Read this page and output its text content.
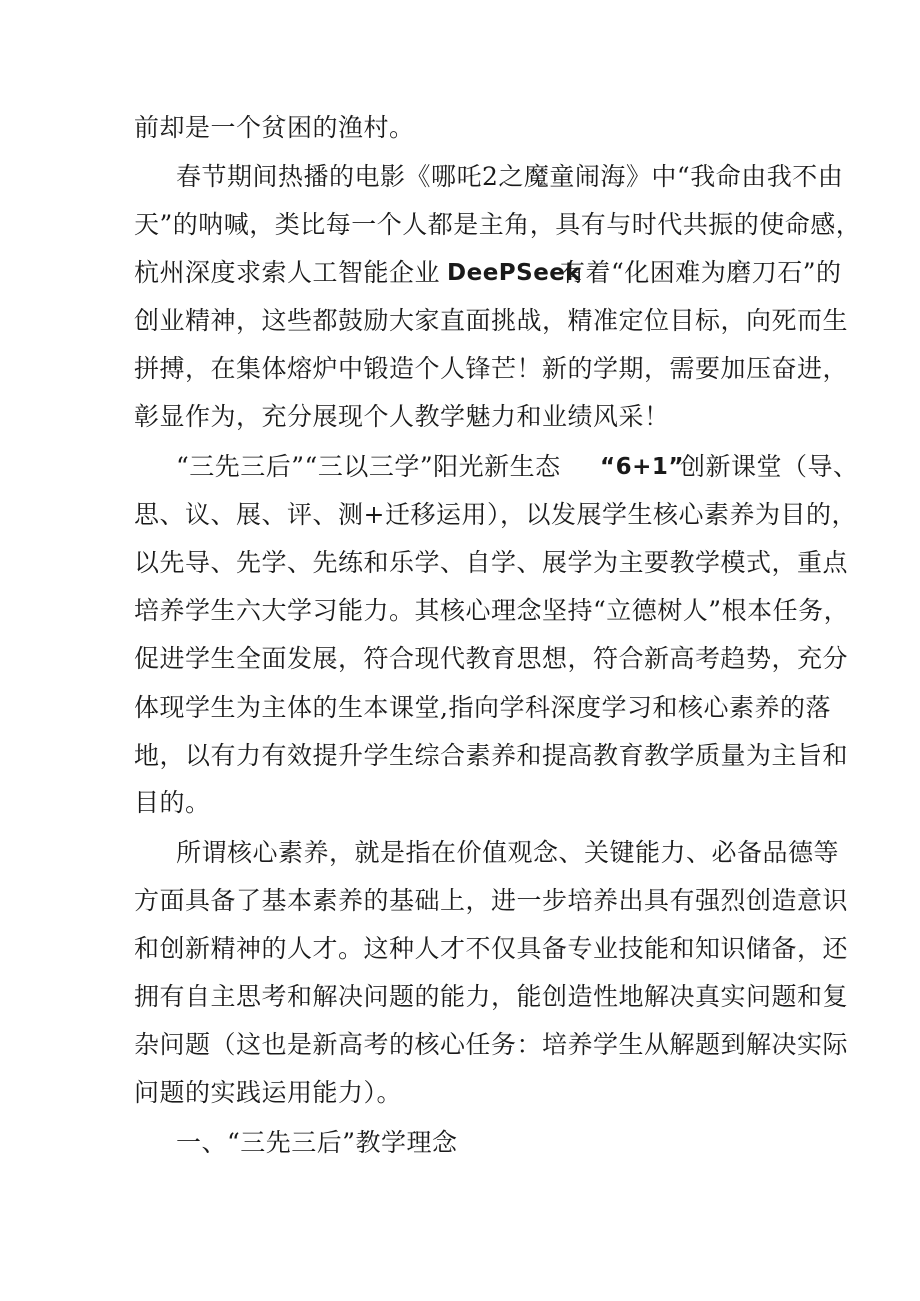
前却是一个贫困的渔村。
春节期间热播的电影《哪吒2之魔童闹海》中“我命由我不由
天”的呐喊，类比每一个人都是主角，具有与时代共振的使命感，
杭州深度求索人工智能企业 DeePSeek
有着“化困难为磨刀石”的
创业精神，这些都鼓励大家直面挑战，精准定位目标，向死而生
拼搏，在集体熔炉中锻造个人锋芒！新的学期，需要加压奋进，
彰显作为，充分展现个人教学魅力和业绩风采！
“三先三后”“三以三学”阳光新生态 “6+1”
创新课堂（导、
思、议、展、评、测+迁移运用），以发展学生核心素养为目的，
以先导、先学、先练和乐学、自学、展学为主要教学模式，重点
培养学生六大学习能力。其核心理念坚持“立德树人”根本任务，
促进学生全面发展，符合现代教育思想，符合新高考趋势，充分
体现学生为主体的生本课堂,指向学科深度学习和核心素养的落
地，以有力有效提升学生综合素养和提高教育教学质量为主旨和
目的。
所谓核心素养，就是指在价值观念、关键能力、必备品德等
方面具备了基本素养的基础上，进一步培养出具有强烈创造意识
和创新精神的人才。这种人才不仅具备专业技能和知识储备，还
拥有自主思考和解决问题的能力，能创造性地解决真实问题和复
杂问题（这也是新高考的核心任务：培养学生从解题到解决实际
问题的实践运用能力）。
一、“三先三后”教学理念
